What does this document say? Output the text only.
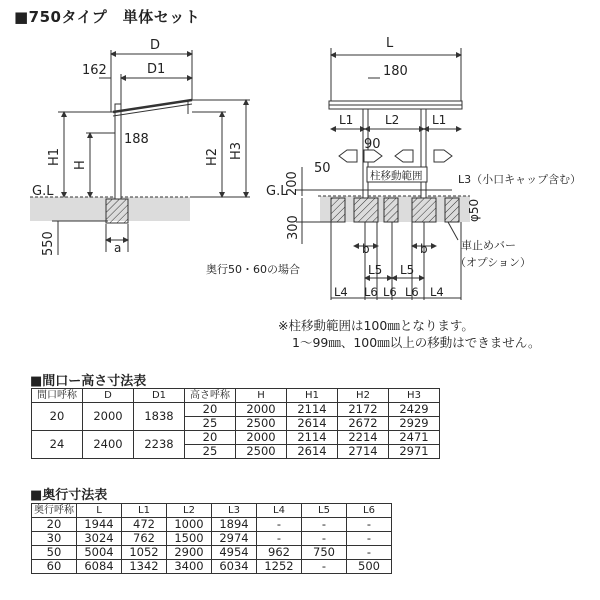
■750タイプ　単体セット
D
D1
162
188
H1 H	H2 H3
G.L
550	a
L
180
L1	L2	L1
90
50
200
G.L
300
柱移動範囲	L3（小口キャップ含む）
φ50
b	b
L5 L5
L4 L6 L6 L6 L4
奥行50・60の場合
車止めバー
（オプション）
※柱移動範囲は100㎜となります。
1～99㎜、100㎜以上の移動はできません。
■間口ー高さ寸法表
間口呼称	D	D1	高さ呼称	H	H1	H2	H3
20	2000	1838	20	2000	2114	2172	2429
			25	2500	2614	2672	2929
24	2400	2238	20	2000	2114	2214	2471
			25	2500	2614	2714	2971
■奥行寸法表
奥行呼称	L	L1	L2	L3	L4	L5	L6
20	1944	472	1000	1894	-	-	-
30	3024	762	1500	2974	-	-	-
50	5004	1052	2900	4954	962	750	-
60	6084	1342	3400	6034	1252	-	500
